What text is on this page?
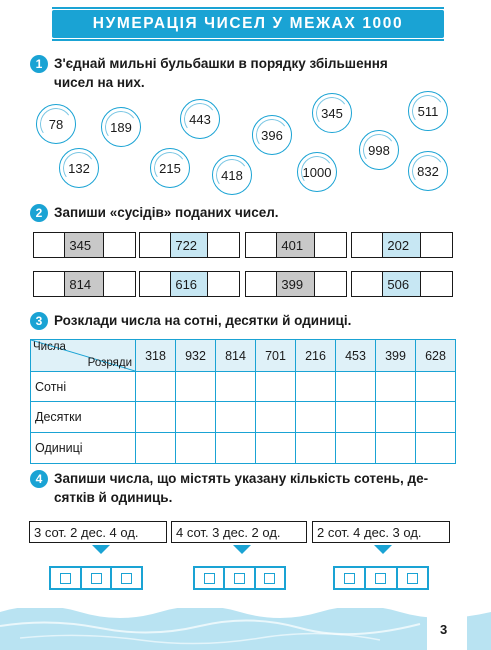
НУМЕРАЦІЯ ЧИСЕЛ У МЕЖАХ 1000
1 З'єднай мильні бульбашки в порядку збільшення
чисел на них.
78	189
443	345	511
396
998
132	215	418	1000	832
2 Запиши «сусідів» поданих чисел.
345	722	401	202
814	616	399	506
3 Розклади числа на сотні, десятки й одиниці.
Числа
Розряди	318	932	814	701	216	453	399	628
Сотні								
Десятки								
Одиниці								
4 Запиши числа, що містять указану кількість сотень, де-
сятків й одиниць.
3 сот. 2 дес. 4 од.	4 сот. 3 дес. 2 од.	2 сот. 4 дес. 3 од.
3
